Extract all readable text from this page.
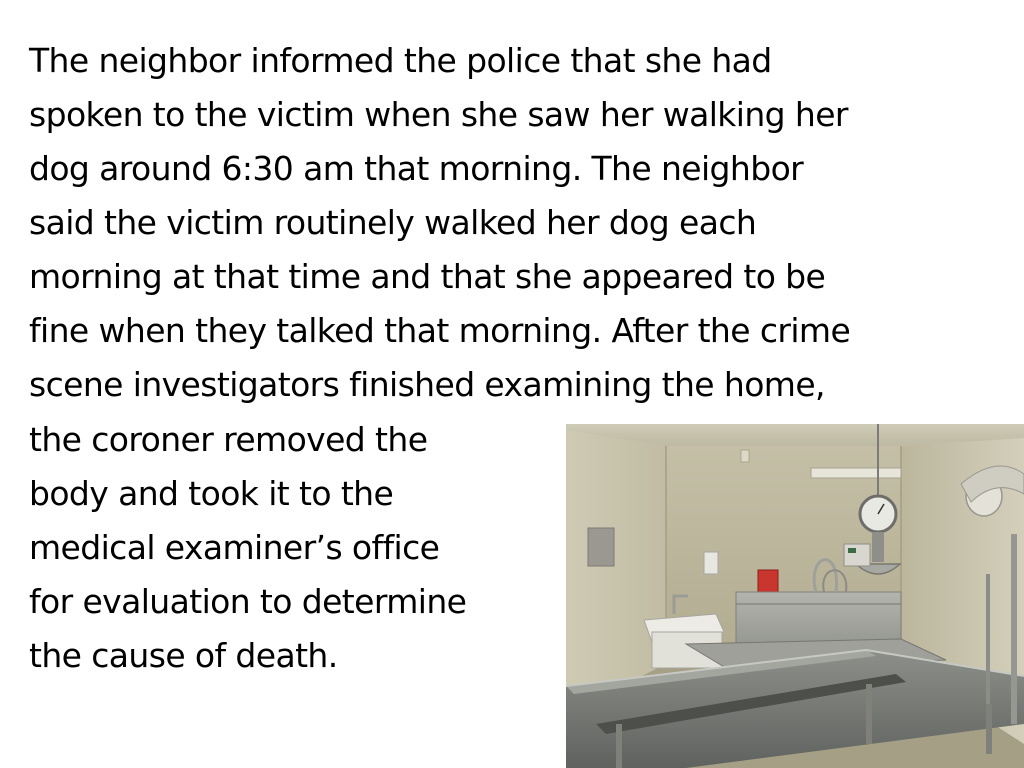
The neighbor informed the police that she had

spoken to the victim when she saw her walking her

dog around 6:30 am that morning. The neighbor

said the victim routinely walked her dog each

morning at that time and that she appeared to be

fine when they talked that morning. After the crime

scene investigators finished examining the home,

the coroner removed the

body and took it to the

medical examiner’s office

for evaluation to determine

the cause of death.
